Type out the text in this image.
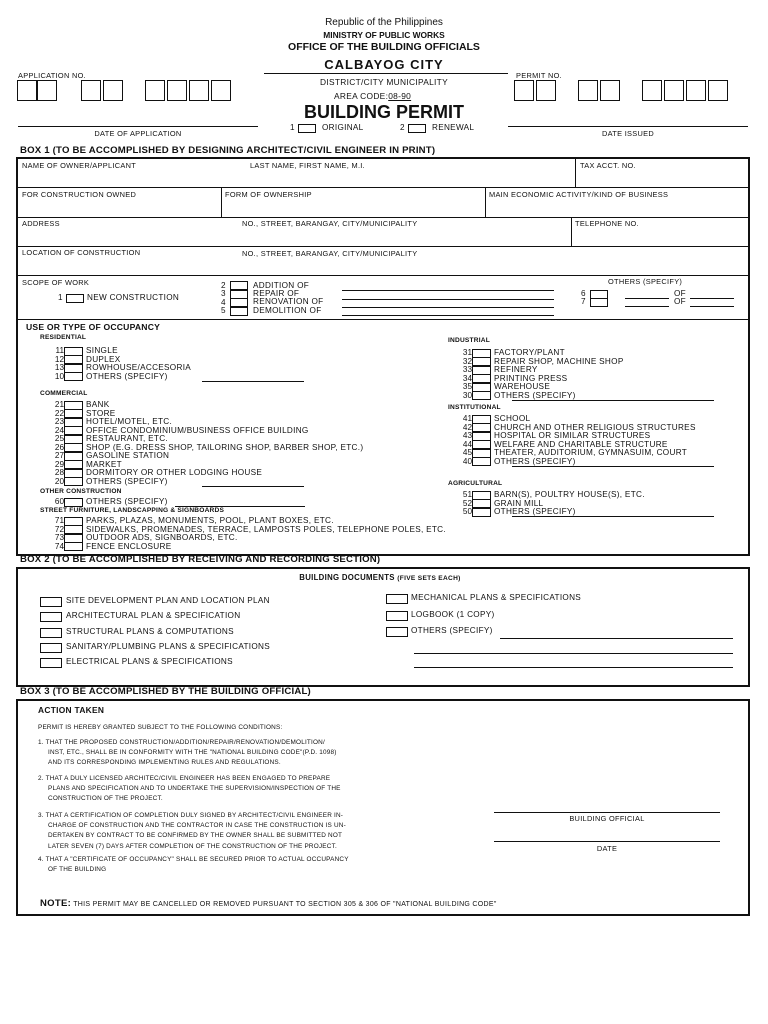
Republic of the Philippines
MINISTRY OF PUBLIC WORKS
OFFICE OF THE BUILDING OFFICIALS
CALBAYOG CITY
DISTRICT/CITY MUNICIPALITY
AREA CODE:08-90
BUILDING PERMIT
APPLICATION NO.	PERMIT NO.
1	ORIGINAL	2	RENEWAL
DATE OF APPLICATION	DATE ISSUED
BOX 1 (TO BE ACCOMPLISHED BY DESIGNING ARCHITECT/CIVIL ENGINEER IN PRINT)
NAME OF OWNER/APPLICANT	LAST NAME, FIRST NAME, M.I.	TAX ACCT. NO.
FOR CONSTRUCTION OWNED	FORM OF OWNERSHIP	MAIN ECONOMIC ACTIVITY/KIND OF BUSINESS
ADDRESS	NO., STREET, BARANGAY, CITY/MUNICIPALITY	TELEPHONE NO.
LOCATION OF CONSTRUCTION	NO., STREET, BARANGAY, CITY/MUNICIPALITY
SCOPE OF WORK	OTHERS (SPECIFY)
1	NEW CONSTRUCTION
2	ADDITION OF
3	REPAIR OF
4	RENOVATION OF
5	DEMOLITION OF
6	OF
7	OF
USE OR TYPE OF OCCUPANCY
RESIDENTIAL
11	SINGLE
12	DUPLEX
13	ROWHOUSE/ACCESORIA
10	OTHERS (SPECIFY)
COMMERCIAL
21	BANK
22	STORE
23	HOTEL/MOTEL, ETC.
24	OFFICE CONDOMINIUM/BUSINESS OFFICE BUILDING
25	RESTAURANT, ETC.
26	SHOP (E.G. DRESS SHOP, TAILORING SHOP, BARBER SHOP, ETC.)
27	GASOLINE STATION
29	MARKET
28	DORMITORY OR OTHER LODGING HOUSE
20	OTHERS (SPECIFY)
OTHER CONSTRUCTION
60	OTHERS (SPECIFY)
STREET FURNITURE, LANDSCAPPING & SIGNBOARDS
71	PARKS, PLAZAS, MONUMENTS, POOL, PLANT BOXES, ETC.
72	SIDEWALKS, PROMENADES, TERRACE, LAMPOSTS POLES, TELEPHONE POLES, ETC.
73	OUTDOOR ADS, SIGNBOARDS, ETC.
74	FENCE ENCLOSURE
INDUSTRIAL
31	FACTORY/PLANT
32	REPAIR SHOP, MACHINE SHOP
33	REFINERY
34	PRINTING PRESS
35	WAREHOUSE
30	OTHERS (SPECIFY)
INSTITUTIONAL
41	SCHOOL
42	CHURCH AND OTHER RELIGIOUS STRUCTURES
43	HOSPITAL OR SIMILAR STRUCTURES
44	WELFARE AND CHARITABLE STRUCTURE
45	THEATER, AUDITORIUM, GYMNASUIM, COURT
40	OTHERS (SPECIFY)
AGRICULTURAL
51	BARN(S), POULTRY HOUSE(S), ETC.
52	GRAIN MILL
50	OTHERS (SPECIFY)
BOX 2 (TO BE ACCOMPLISHED BY RECEIVING AND RECORDING SECTION)
BUILDING DOCUMENTS (FIVE SETS EACH)
SITE DEVELOPMENT PLAN AND LOCATION PLAN
ARCHITECTURAL PLAN & SPECIFICATION
STRUCTURAL PLANS & COMPUTATIONS
SANITARY/PLUMBING PLANS & SPECIFICATIONS
ELECTRICAL PLANS & SPECIFICATIONS
MECHANICAL PLANS & SPECIFICATIONS
LOGBOOK (1 COPY)
OTHERS (SPECIFY)
BOX 3 (TO BE ACCOMPLISHED BY THE BUILDING OFFICIAL)
ACTION TAKEN
PERMIT IS HEREBY GRANTED SUBJECT TO THE FOLLOWING CONDITIONS:
1. THAT THE PROPOSED CONSTRUCTION/ADDITION/REPAIR/RENOVATION/DEMOLITION/
INST, ETC., SHALL BE IN CONFORMITY WITH THE "NATIONAL BUILDING CODE"(P.D. 1098)
AND ITS CORRESPONDING IMPLEMENTING RULES AND REGULATIONS.
2. THAT A DULY LICENSED ARCHITEC/CIVIL ENGINEER HAS BEEN ENGAGED TO PREPARE
PLANS AND SPECIFICATION AND TO UNDERTAKE THE SUPERVISION/INSPECTION OF THE
CONSTRUCTION OF THE PROJECT.
3. THAT A CERTIFICATION OF COMPLETION DULY SIGNED BY ARCHITECT/CIVIL ENGINEER IN-
CHARGE OF CONSTRUCTION AND THE CONTRACTOR IN CASE THE CONSTRUCTION IS UN-
DERTAKEN BY CONTRACT TO BE CONFIRMED BY THE OWNER SHALL BE SUBMITTED NOT
LATER SEVEN (7) DAYS AFTER COMPLETION OF THE CONSTRUCTION OF THE PROJECT.
4. THAT A "CERTIFICATE OF OCCUPANCY" SHALL BE SECURED PRIOR TO ACTUAL OCCUPANCY
OF THE BUILDING
BUILDING OFFICIAL
DATE
NOTE: THIS PERMIT MAY BE CANCELLED OR REMOVED PURSUANT TO SECTION 305 & 306 OF "NATIONAL BUILDING CODE"
